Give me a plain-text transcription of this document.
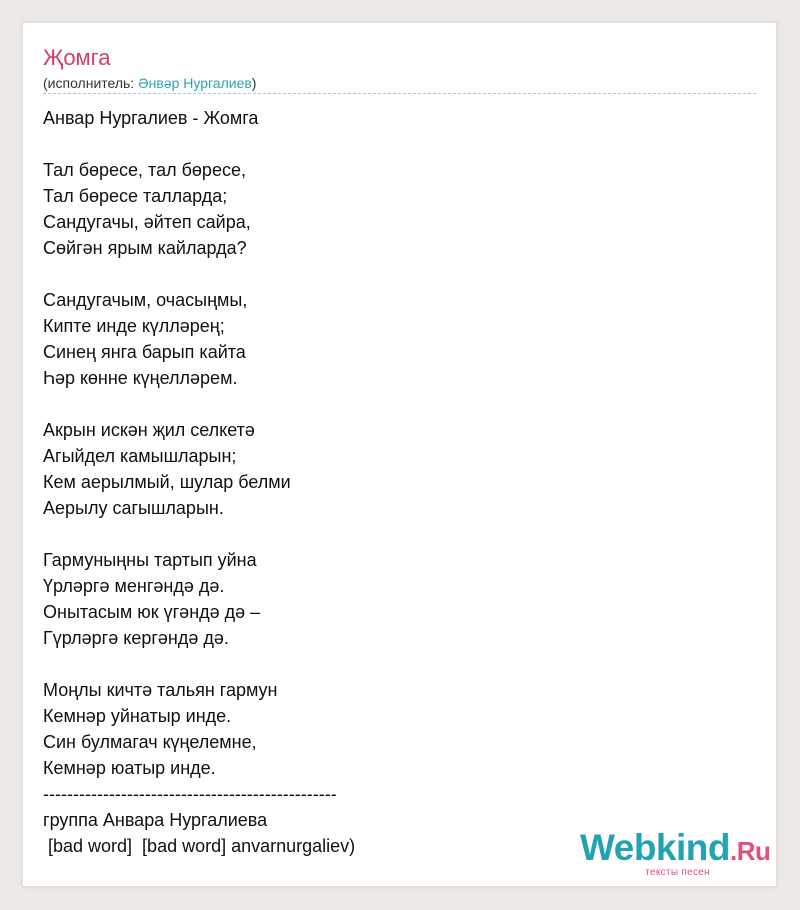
Җомга
(исполнитель: Әнвәр Нургалиев)
Анвар Нургалиев - Жомга
Тал бөресе, тал бөресе,
Тал бөресе талларда;
Сандугачы, әйтеп сайра,
Сөйгән ярым кайларда?
Сандугачым, очасыңмы,
Кипте инде күлләрең;
Синең янга барып кайта
Һәр көнне күңелләрем.
Акрын искән җил селкетә
Агыйдел камышларын;
Кем аерылмый, шулар белми
Аерылу сагышларын.
Гармуныңны тартып уйна
Үрләргә менгәндә дә.
Онытасым юк үгәндә дә –
Гүрләргә кергәндә дә.
Моңлы кичтә тальян гармун
Кемнәр уйнатыр инде.
Син булмагач күңелемне,
Кемнәр юатыр инде.
-------------------------------------------------
группа Анвара Нургалиева
[bad word]  [bad word] anvarnurgaliev)	Webkind.Ru
тексты песен
